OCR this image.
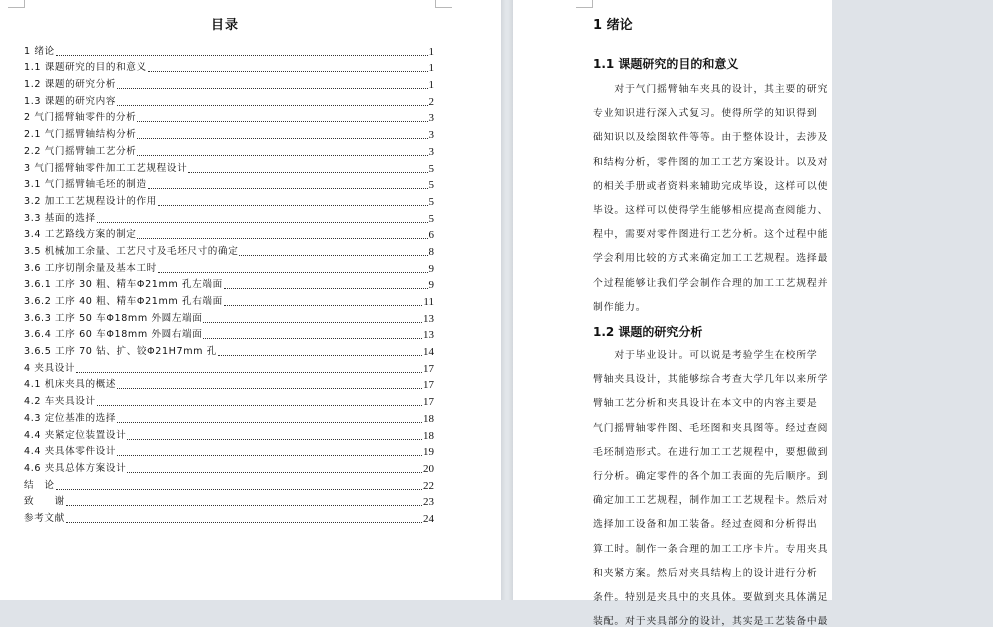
目录
1 绪论	1
1.1 课题研究的目的和意义	1
1.2 课题的研究分析	1
1.3 课题的研究内容	2
2 气门摇臂轴零件的分析	3
2.1 气门摇臂轴结构分析	3
2.2 气门摇臂轴工艺分析	3
3 气门摇臂轴零件加工工艺规程设计	5
3.1 气门摇臂轴毛坯的制造	5
3.2 加工工艺规程设计的作用	5
3.3 基面的选择	5
3.4 工艺路线方案的制定	6
3.5 机械加工余量、工艺尺寸及毛坯尺寸的确定	8
3.6 工序切削余量及基本工时	9
3.6.1 工序 30 粗、精车Φ21mm 孔左端面	9
3.6.2 工序 40 粗、精车Φ21mm 孔右端面	11
3.6.3 工序 50 车Φ18mm 外圆左端面	13
3.6.4 工序 60 车Φ18mm 外圆右端面	13
3.6.5 工序 70 钻、扩、铰Φ21H7mm 孔	14
4 夹具设计	17
4.1 机床夹具的概述	17
4.2 车夹具设计	17
4.3 定位基准的选择	18
4.4 夹紧定位装置设计	18
4.4 夹具体零件设计	19
4.6 夹具总体方案设计	20
结　论	22
致　　谢	23
参考文献	24
1 绪论
1.1 课题研究的目的和意义
　　对于气门摇臂轴车夹具的设计，其主要的研究
专业知识进行深入式复习。使得所学的知识得到
础知识以及绘图软件等等。由于整体设计，去涉及
和结构分析，零件图的加工工艺方案设计。以及对
的相关手册或者资料来辅助完成毕设，这样可以使
毕设。这样可以使得学生能够相应提高查阅能力、
程中，需要对零件图进行工艺分析。这个过程中能
学会利用比较的方式来确定加工工艺规程。选择最
个过程能够让我们学会制作合理的加工工艺规程并
制作能力。
1.2 课题的研究分析
　　对于毕业设计。可以说是考验学生在校所学
臂轴夹具设计，其能够综合考查大学几年以来所学
臂轴工艺分析和夹具设计在本文中的内容主要是
气门摇臂轴零件图、毛坯图和夹具图等。经过查阅
毛坯制造形式。在进行加工工艺规程中，要想做到
行分析。确定零件的各个加工表面的先后顺序。到
确定加工工艺规程，制作加工工艺规程卡。然后对
选择加工设备和加工装备。经过查阅和分析得出
算工时。制作一条合理的加工工序卡片。专用夹具
和夹紧方案。然后对夹具结构上的设计进行分析
条件。特别是夹具中的夹具体。要做到夹具体满足
装配。对于夹具部分的设计，其实是工艺装备中最
